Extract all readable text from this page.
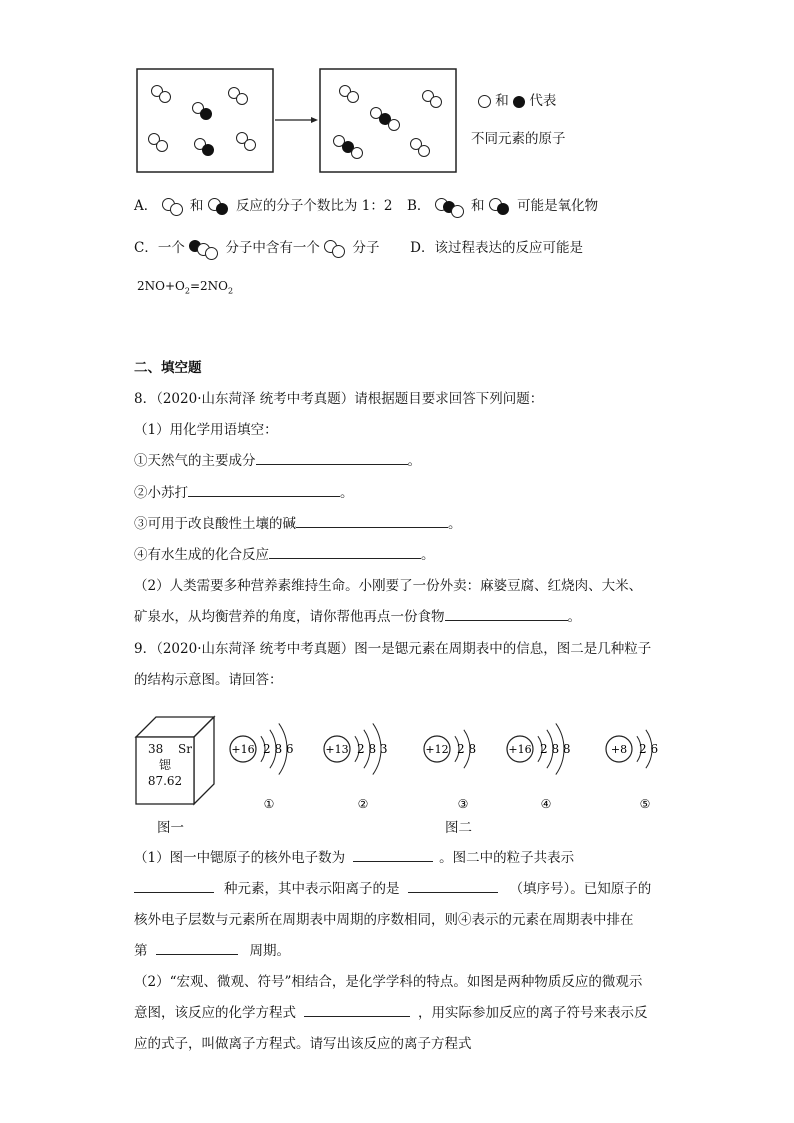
和 代表
不同元素的原子
A． 和 反应的分子个数比为 1：2 B．	和 可能是氧化物
C．一个	分子中含有一个 分子 D．该过程表达的反应可能是
$2NO+O_2=2NO_2$
二、填空题
8．（2020·山东菏泽 统考中考真题）请根据题目要求回答下列问题：
（1）用化学用语填空：
①天然气的主要成分	。
②小苏打	。
③可用于改良酸性土壤的碱	。
④有水生成的化合反应	。
（2）人类需要多种营养素维持生命。小刚要了一份外卖：麻婆豆腐、红烧肉、大米、
矿泉水，从均衡营养的角度，请你帮他再点一份食物	。
9．（2020·山东菏泽 统考中考真题）图一是锶元素在周期表中的信息，图二是几种粒子
的结构示意图。请回答：
38 Sr
锶
87.62
+16 2 8 6
①
+13 2 8 3
②
+12 2 8
③
+16 2 8 8
④
+8 2 6
⑤
图一	图二
（1）图一中锶原子的核外电子数为	。图二中的粒子共表示
种元素，其中表示阳离子的是	（填序号）。已知原子的
核外电子层数与元素所在周期表中周期的序数相同，则④表示的元素在周期表中排在
第	周期。
（2）“宏观、微观、符号”相结合，是化学学科的特点。如图是两种物质反应的微观示
意图，该反应的化学方程式	，用实际参加反应的离子符号来表示反
应的式子，叫做离子方程式。请写出该反应的离子方程式
